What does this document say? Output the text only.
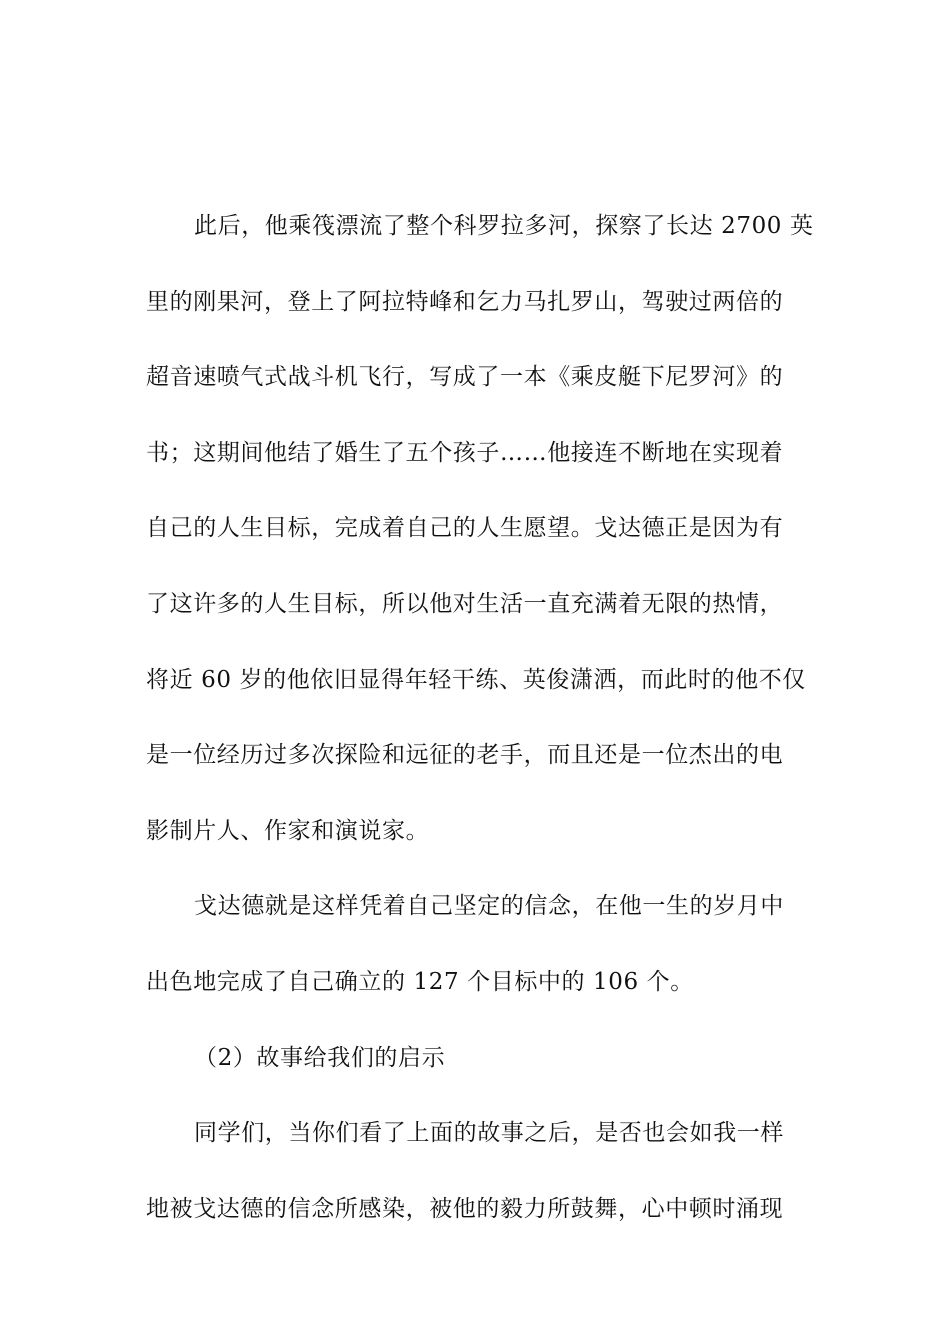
此后，他乘筏漂流了整个科罗拉多河，探察了长达 2700 英
里的刚果河，登上了阿拉特峰和乞力马扎罗山，驾驶过两倍的
超音速喷气式战斗机飞行，写成了一本《乘皮艇下尼罗河》的
书；这期间他结了婚生了五个孩子……他接连不断地在实现着
自己的人生目标，完成着自己的人生愿望。戈达德正是因为有
了这许多的人生目标，所以他对生活一直充满着无限的热情，
将近 60 岁的他依旧显得年轻干练、英俊潇洒，而此时的他不仅
是一位经历过多次探险和远征的老手，而且还是一位杰出的电
影制片人、作家和演说家。
戈达德就是这样凭着自己坚定的信念，在他一生的岁月中
出色地完成了自己确立的 127 个目标中的 106 个。
（2）故事给我们的启示
同学们，当你们看了上面的故事之后，是否也会如我一样
地被戈达德的信念所感染，被他的毅力所鼓舞，心中顿时涌现
